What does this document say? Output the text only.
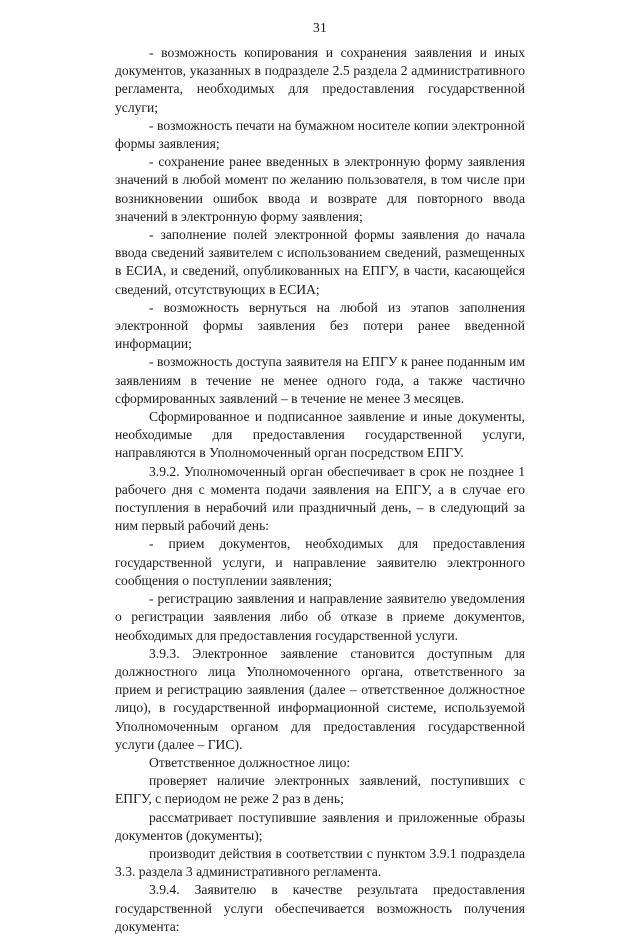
31

- возможность копирования и сохранения заявления и иных документов, указанных в подразделе 2.5 раздела 2 административного регламента, необходимых для предоставления государственной услуги;

- возможность печати на бумажном носителе копии электронной формы заявления;

- сохранение ранее введенных в электронную форму заявления значений в любой момент по желанию пользователя, в том числе при возникновении ошибок ввода и возврате для повторного ввода значений в электронную форму заявления;

- заполнение полей электронной формы заявления до начала ввода сведений заявителем с использованием сведений, размещенных в ЕСИА, и сведений, опубликованных на ЕПГУ, в части, касающейся сведений, отсутствующих в ЕСИА;

- возможность вернуться на любой из этапов заполнения электронной формы заявления без потери ранее введенной информации;

- возможность доступа заявителя на ЕПГУ к ранее поданным им заявлениям в течение не менее одного года, а также частично сформированных заявлений – в течение не менее 3 месяцев.

Сформированное и подписанное заявление и иные документы, необходимые для предоставления государственной услуги, направляются в Уполномоченный орган посредством ЕПГУ.

3.9.2. Уполномоченный орган обеспечивает в срок не позднее 1 рабочего дня с момента подачи заявления на ЕПГУ, а в случае его поступления в нерабочий или праздничный день, – в следующий за ним первый рабочий день:

- прием документов, необходимых для предоставления государственной услуги, и направление заявителю электронного сообщения о поступлении заявления;

- регистрацию заявления и направление заявителю уведомления о регистрации заявления либо об отказе в приеме документов, необходимых для предоставления государственной услуги.

3.9.3. Электронное заявление становится доступным для должностного лица Уполномоченного органа, ответственного за прием и регистрацию заявления (далее – ответственное должностное лицо), в государственной информационной системе, используемой Уполномоченным органом для предоставления государственной услуги (далее – ГИС).

Ответственное должностное лицо:

проверяет наличие электронных заявлений, поступивших с ЕПГУ, с периодом не реже 2 раз в день;

рассматривает поступившие заявления и приложенные образы документов (документы);

производит действия в соответствии с пунктом 3.9.1 подраздела 3.3. раздела 3 административного регламента.

3.9.4. Заявителю в качестве результата предоставления государственной услуги обеспечивается возможность получения документа:
